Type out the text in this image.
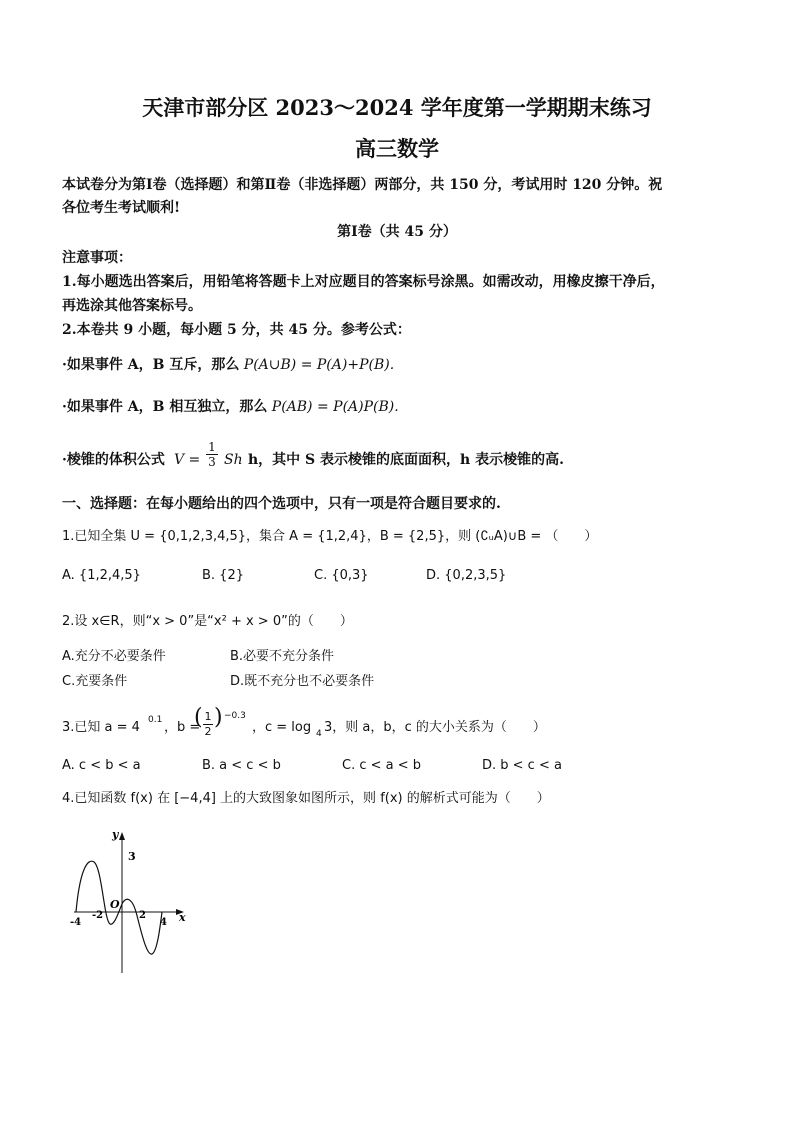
天津市部分区 2023～2024 学年度第一学期期末练习
高三数学
本试卷分为第Ⅰ卷（选择题）和第Ⅱ卷（非选择题）两部分，共 150 分，考试用时 120 分钟。祝
各位考生考试顺利!
第Ⅰ卷（共 45 分）
注意事项：
1.每小题选出答案后，用铅笔将答题卡上对应题目的答案标号涂黑。如需改动，用橡皮擦干净后，
再选涂其他答案标号。
2.本卷共 9 小题，每小题 5 分，共 45 分。参考公式：
·如果事件 A，B 互斥，那么 P(A∪B) = P(A)+P(B).
·如果事件 A，B 相互独立，那么 P(AB) = P(A)P(B).
·棱锥的体积公式 $V = \frac{1}{3}$ Sh h，其中 S 表示棱锥的底面面积，h 表示棱锥的高.
一、选择题：在每小题给出的四个选项中，只有一项是符合题目要求的.
1.已知全集 U = {0,1,2,3,4,5}，集合 A = {1,2,4}，B = {2,5}，则 (∁ᵤA)∪B = （　　）
A. {1,2,4,5}	B. {2}	C. {0,3}	D. {0,2,3,5}
2.设 x∈R，则“x > 0”是“x² + x > 0”的（　　）
A.充分不必要条件	B.必要不充分条件
C.充要条件	D.既不充分也不必要条件
3.已知 a = 4 0.1 ，b =
( $\frac{1}{2}$ ) −0.3
，c = log 4 3，则 a，b，c 的大小关系为（　　）
A. c < b < a	B. a < c < b	C. c < a < b	D. b < c < a
4.已知函数 f(x) 在 [−4,4] 上的大致图象如图所示，则 f(x) 的解析式可能为（　　）
y
x
3
O
-4
-2	2
4
